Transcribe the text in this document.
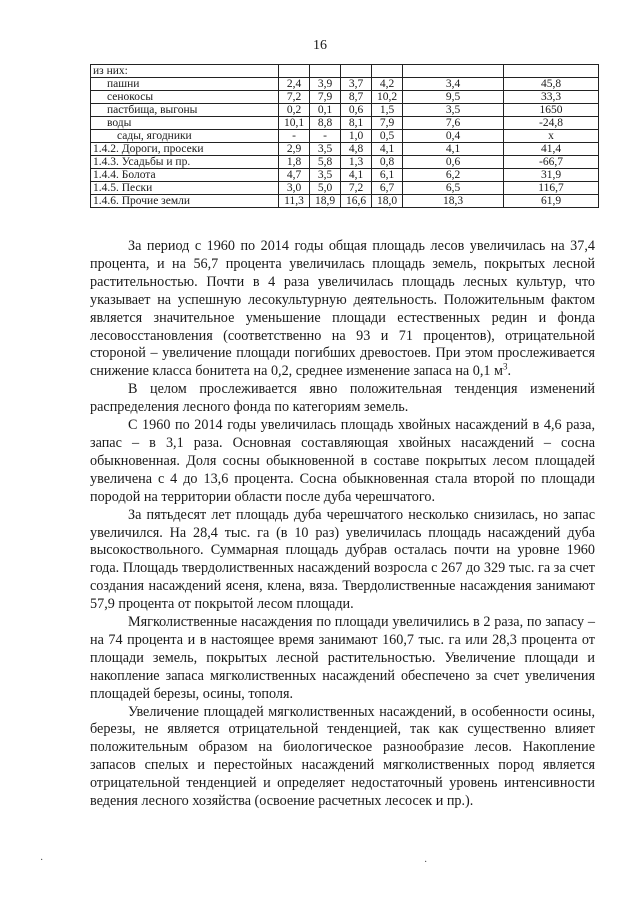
16
из них:						
пашни	2,4	3,9	3,7	4,2	3,4	45,8
сенокосы	7,2	7,9	8,7	10,2	9,5	33,3
пастбища, выгоны	0,2	0,1	0,6	1,5	3,5	1650
воды	10,1	8,8	8,1	7,9	7,6	-24,8
сады, ягодники	-	-	1,0	0,5	0,4	х
1.4.2. Дороги, просеки	2,9	3,5	4,8	4,1	4,1	41,4
1.4.3. Усадьбы и пр.	1,8	5,8	1,3	0,8	0,6	-66,7
1.4.4. Болота	4,7	3,5	4,1	6,1	6,2	31,9
1.4.5. Пески	3,0	5,0	7,2	6,7	6,5	116,7
1.4.6. Прочие земли	11,3	18,9	16,6	18,0	18,3	61,9

За период с 1960 по 2014 годы общая площадь лесов увеличилась на 37,4 процента, и на 56,7 процента увеличилась площадь земель, покрытых лесной растительностью. Почти в 4 раза увеличилась площадь лесных культур, что указывает на успешную лесокультурную деятельность. Положительным фактом является значительное уменьшение площади естественных редин и фонда лесовосстановления (соответственно на 93 и 71 процентов), отрицательной стороной – увеличение площади погибших древостоев. При этом прослеживается снижение класса бонитета на 0,2, среднее изменение запаса на 0,1 $м^3$.

В целом прослеживается явно положительная тенденция изменений распределения лесного фонда по категориям земель.

С 1960 по 2014 годы увеличилась площадь хвойных насаждений в 4,6 раза, запас – в 3,1 раза. Основная составляющая хвойных насаждений – сосна обыкновенная. Доля сосны обыкновенной в составе покрытых лесом площадей увеличена с 4 до 13,6 процента. Сосна обыкновенная стала второй по площади породой на территории области после дуба черешчатого.

За пятьдесят лет площадь дуба черешчатого несколько снизилась, но запас увеличился. На 28,4 тыс. га (в 10 раз) увеличилась площадь насаждений дуба высокоствольного. Суммарная площадь дубрав осталась почти на уровне 1960 года. Площадь твердолиственных насаждений возросла с 267 до 329 тыс. га за счет создания насаждений ясеня, клена, вяза. Твердолиственные насаждения занимают 57,9 процента от покрытой лесом площади.

Мягколиственные насаждения по площади увеличились в 2 раза, по запасу – на 74 процента и в настоящее время занимают 160,7 тыс. га или 28,3 процента от площади земель, покрытых лесной растительностью. Увеличение площади и накопление запаса мягколиственных насаждений обеспечено за счет увеличения площадей березы, осины, тополя.

Увеличение площадей мягколиственных насаждений, в особенности осины, березы, не является отрицательной тенденцией, так как существенно влияет положительным образом на биологическое разнообразие лесов. Накопление запасов спелых и перестойных насаждений мягколиственных пород является отрицательной тенденцией и определяет недостаточный уровень интенсивности ведения лесного хозяйства (освоение расчетных лесосек и пр.).

·	·
